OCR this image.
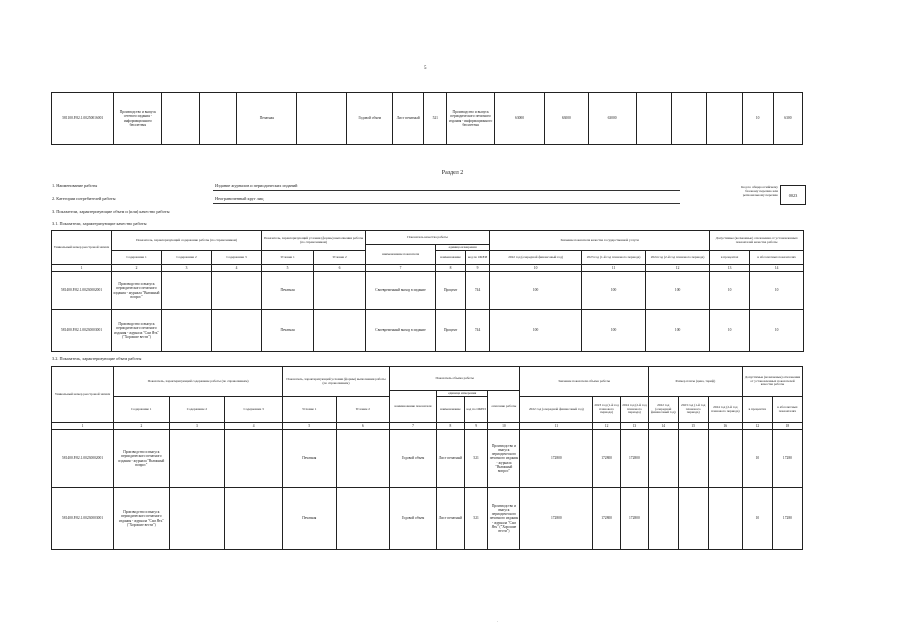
5
581100.Р.82.1.00250016001	Производство и выпуск сетевого издания - информационного бюллетеня			Печатная		Годовой объем	Лист печатный	521	Производство и выпуск периодического печатного издания - информационного бюллетеня	63000	63000	63000				10	6300
Раздел 2
1. Наименование работы	Издание журналов и периодических изданий
2. Категории потребителей работы	Неограниченный круг лиц
3. Показатели, характеризующие объем и (или) качество работы
3.1. Показатели, характеризующие качество работы
Код по общероссийскому базовому перечню или региональному перечню 0023
Уникальный номер реестровой записи	Показатель, характеризующий содержание работы (по справочникам)			Показатель, характеризующий условия (формы) выполнения работы (по справочникам)		Показатель качества работы			Значение показателя качества государственной услуги			Допустимые (возможные) отклонения от установленных показателей качества работы	
						наименование показателя	единица измерения						
	Содержание 1	Содержание 2	Содержание 3	Условие 1	Условие 2		наименование	код по ОКЕИ	2022 год (очередной финансовый год)	2023 год (1-й год планового периода)	2024 год (2-й год планового периода)	в процентах	в абсолютных показателях
1	2	3	4	5	6	7	8	9	10	11	12	13	14
581400.Р.82.1.00230002001	Производство и выпуск периодического печатного издания - журнала "Вьюжный вопрос"			Печатная		Своевременный выход в издание	Процент	744	100	100	100	10	10
581400.Р.82.1.00230003001	Производство и выпуск периодического печатного издания - журнала "Сам Ять" ("Хорошие вести")			Печатная		Своевременный выход в издание	Процент	744	100	100	100	10	10
3.2. Показатель, характеризующие объем работы
Уникальный номер реестровой записи	Показатель, характеризующий содержание работы (по справочникам)			Показатель, характеризующий условия (формы) выполнения работы (по справочникам)		Показатель объема работы				Значение показателя объема работы			Размер платы (цена, тариф)			Допустимые (возможные) отклонения от установленных показателей качества работы	
						наименование показателя	единица измерения		описание работы								
	Содержание 1	Содержание 2	Содержание 3	Условие 1	Условие 2		наименование	код по ОКЕИ		2022 год (очередной финансовый год)	2023 год (1-й год планового периода)	2024 год (2-й год планового периода)	2022 год (очередной финансовый год)	2023 год (1-й год планового периода)	2024 год (2-й год планового периода)	в процентах	в абсолютных показателях
1	2	3	4	5	6	7	8	9	10	11	12	13	14	15	16	12	18
581400.Р.82.1.00230002001	Производство и выпуск периодического печатного издания - журнала "Вьюжный вопрос"			Печатная		Годовой объем	Лист печатный	521	Производство и выпуск периодического печатного издания - журнала "Вьюжный вопрос"	172800	172800	172800				10	17280
581400.Р.82.1.00230003001	Производство и выпуск периодического печатного издания - журнала "Сам Ять" ("Хорошие вести")			Печатная		Годовой объем	Лист печатный	521	Производство и выпуск периодического печатного издания - журнала "Сам Ять" ("Хорошие вести")	172800	172800	172800				10	17280
.
